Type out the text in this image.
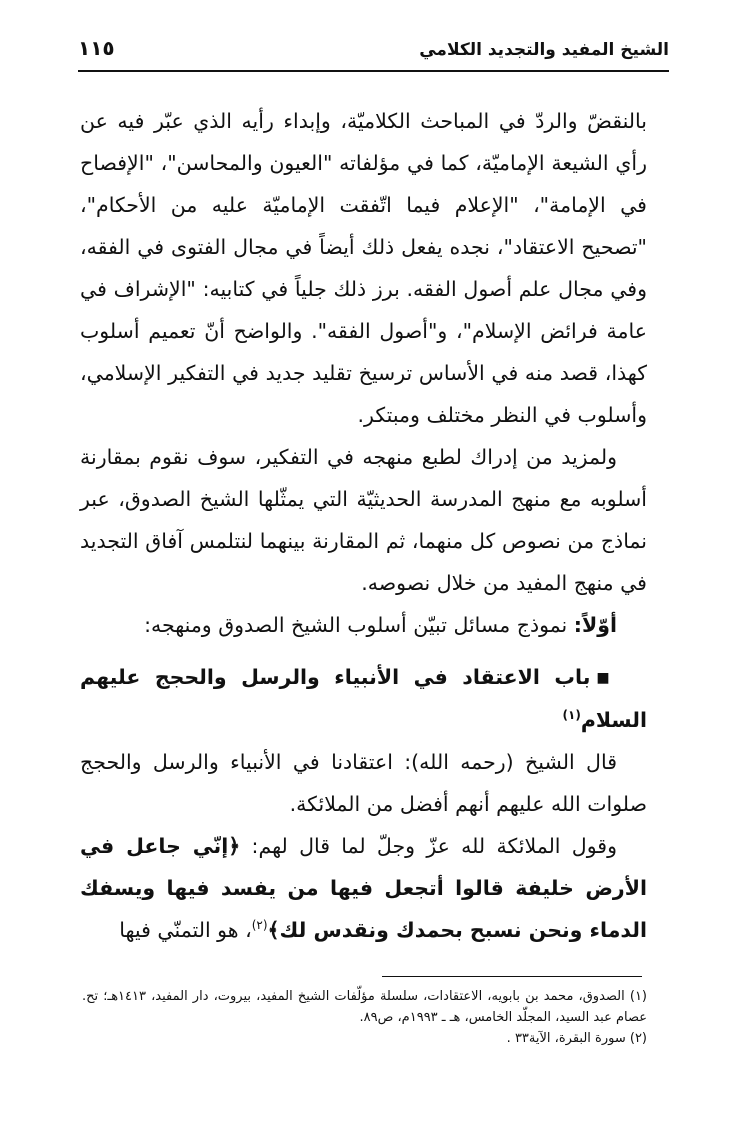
الشيخ المفيد والتجديد الكلامي
١١٥

بالنقضّ والردّ في المباحث الكلاميّة، وإبداء رأيه الذي عبّر فيه عن رأي الشيعة الإماميّة، كما في مؤلفاته "العيون والمحاسن"، "الإفصاح في الإمامة"، "الإعلام فيما اتّفقت الإماميّة عليه من الأحكام"، "تصحيح الاعتقاد"، نجده يفعل ذلك أيضاً في مجال الفتوى في الفقه، وفي مجال علم أصول الفقه. برز ذلك جلياً في كتابيه: "الإشراف في عامة فرائض الإسلام"، و"أصول الفقه". والواضح أنّ تعميم أسلوب كهذا، قصد منه في الأساس ترسيخ تقليد جديد في التفكير الإسلامي، وأسلوب في النظر مختلف ومبتكر.

ولمزيد من إدراك لطبع منهجه في التفكير، سوف نقوم بمقارنة أسلوبه مع منهج المدرسة الحديثيّة التي يمثّلها الشيخ الصدوق، عبر نماذج من نصوص كل منهما، ثم المقارنة بينهما لنتلمس آفاق التجديد في منهج المفيد من خلال نصوصه.

أوّلاً: نموذج مسائل تبيّن أسلوب الشيخ الصدوق ومنهجه:

■باب الاعتقاد في الأنبياء والرسل والحجج عليهم السلام$^{(١)}$

قال الشيخ (رحمه الله): اعتقادنا في الأنبياء والرسل والحجج صلوات الله عليهم أنهم أفضل من الملائكة.

وقول الملائكة لله عزّ وجلّ لما قال لهم: ﴿إنّي جاعل في الأرض خليفة قالوا أتجعل فيها من يفسد فيها ويسفك الدماء ونحن نسبح بحمدك ونقدس لك﴾$^{(٢)}$، هو التمنّي فيها

(١) الصدوق، محمد بن بابويه، الاعتقادات، سلسلة مؤلّفات الشيخ المفيد، بيروت، دار المفيد، ١٤١٣هـ؛ تح. عصام عبد السيد، المجلّد الخامس، هـ ـ ١٩٩٣م، ص٨٩.

(٢) سورة البقرة، الآية٣٣ .
